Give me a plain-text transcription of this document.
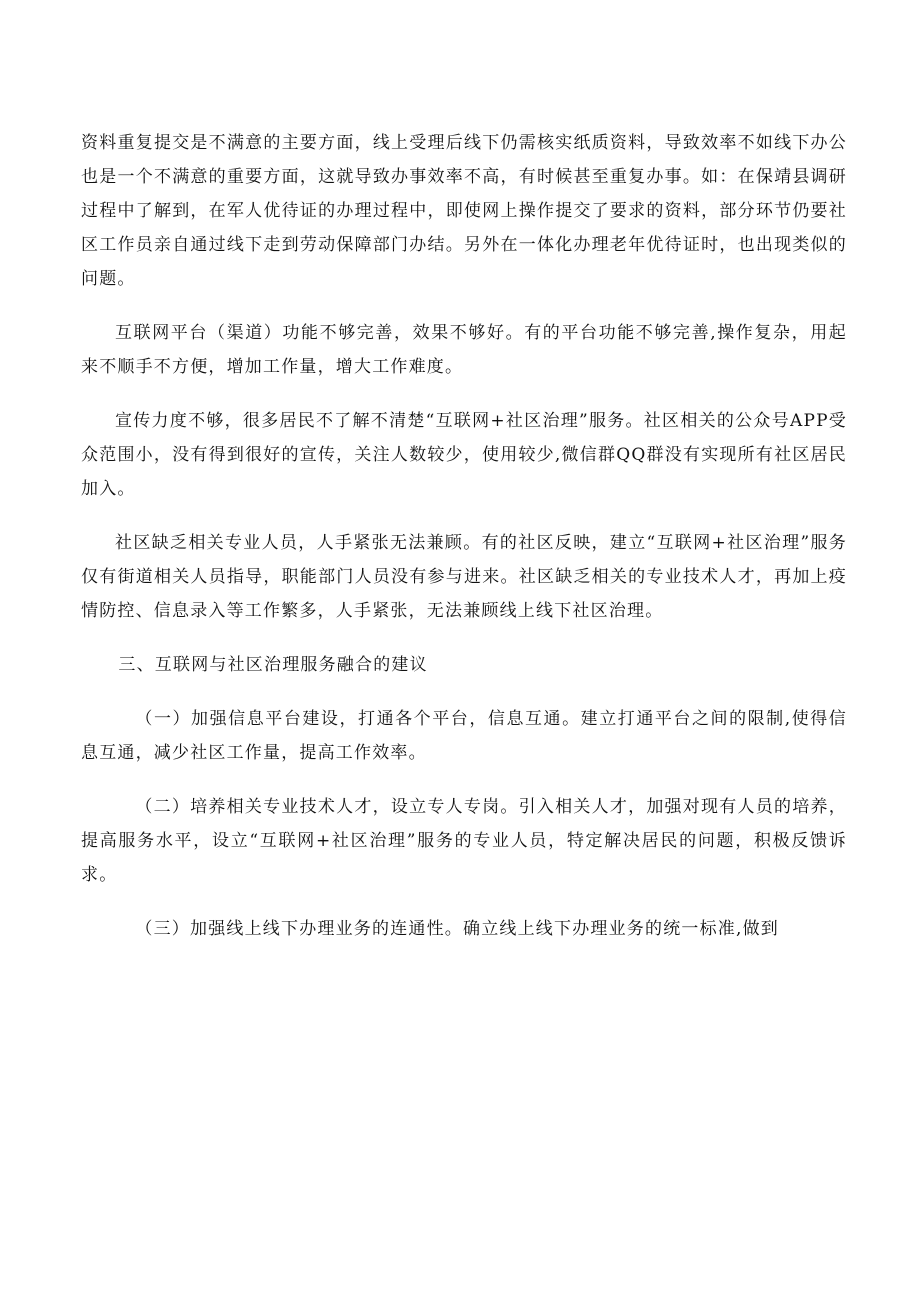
资料重复提交是不满意的主要方面，线上受理后线下仍需核实纸质资料，导致效率不如线下办公也是一个不满意的重要方面，这就导致办事效率不高，有时候甚至重复办事。如：在保靖县调研过程中了解到，在军人优待证的办理过程中，即使网上操作提交了要求的资料，部分环节仍要社区工作员亲自通过线下走到劳动保障部门办结。另外在一体化办理老年优待证时，也出现类似的问题。

互联网平台（渠道）功能不够完善，效果不够好。有的平台功能不够完善,操作复杂，用起来不顺手不方便，增加工作量，增大工作难度。

宣传力度不够，很多居民不了解不清楚“互联网+社区治理”服务。社区相关的公众号APP受众范围小，没有得到很好的宣传，关注人数较少，使用较少,微信群QQ群没有实现所有社区居民加入。

社区缺乏相关专业人员，人手紧张无法兼顾。有的社区反映，建立“互联网+社区治理”服务仅有街道相关人员指导，职能部门人员没有参与进来。社区缺乏相关的专业技术人才，再加上疫情防控、信息录入等工作繁多，人手紧张，无法兼顾线上线下社区治理。

三、互联网与社区治理服务融合的建议

（一）加强信息平台建设，打通各个平台，信息互通。建立打通平台之间的限制,使得信息互通，减少社区工作量，提高工作效率。

（二）培养相关专业技术人才，设立专人专岗。引入相关人才，加强对现有人员的培养，提高服务水平，设立“互联网+社区治理”服务的专业人员，特定解决居民的问题，积极反馈诉求。

（三）加强线上线下办理业务的连通性。确立线上线下办理业务的统一标准,做到
